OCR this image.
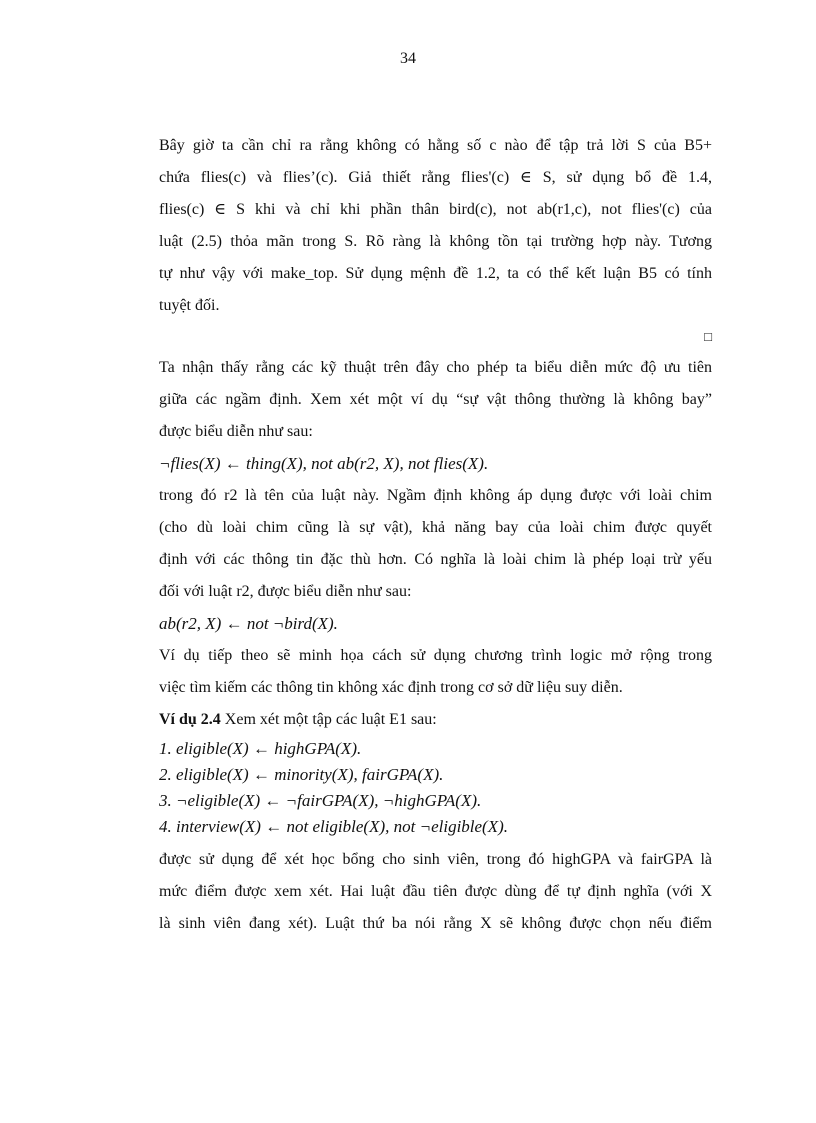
34
Bây giờ ta cần chỉ ra rằng không có hằng số c nào để tập trả lời S của B5+
chứa flies(c) và flies’(c). Giả thiết rằng flies'(c) ∈ S, sử dụng bổ đề 1.4,
flies(c) ∈ S khi và chỉ khi phần thân bird(c), not ab(r1,c), not flies'(c) của
luật (2.5) thỏa mãn trong S. Rõ ràng là không tồn tại trường hợp này. Tương
tự như vậy với make_top. Sử dụng mệnh đề 1.2, ta có thể kết luận B5 có tính
tuyệt đối.
□
Ta nhận thấy rằng các kỹ thuật trên đây cho phép ta biểu diễn mức độ ưu tiên
giữa các ngầm định. Xem xét một ví dụ “sự vật thông thường là không bay”
được biểu diễn như sau:
¬flies(X) ← thing(X), not ab(r2, X), not flies(X).
trong đó r2 là tên của luật này. Ngầm định không áp dụng được với loài chim
(cho dù loài chim cũng là sự vật), khả năng bay của loài chim được quyết
định với các thông tin đặc thù hơn. Có nghĩa là loài chim là phép loại trừ yếu
đối với luật r2, được biểu diễn như sau:
ab(r2, X) ← not ¬bird(X).
Ví dụ tiếp theo sẽ minh họa cách sử dụng chương trình logic mở rộng trong
việc tìm kiếm các thông tin không xác định trong cơ sở dữ liệu suy diễn.
Ví dụ 2.4 Xem xét một tập các luật E1 sau:
1. eligible(X) ← highGPA(X).
2. eligible(X) ← minority(X), fairGPA(X).
3. ¬eligible(X) ← ¬fairGPA(X), ¬highGPA(X).
4. interview(X) ← not eligible(X), not ¬eligible(X).
được sử dụng để xét học bổng cho sinh viên, trong đó highGPA và fairGPA là
mức điểm được xem xét. Hai luật đầu tiên được dùng để tự định nghĩa (với X
là sinh viên đang xét). Luật thứ ba nói rằng X sẽ không được chọn nếu điểm
